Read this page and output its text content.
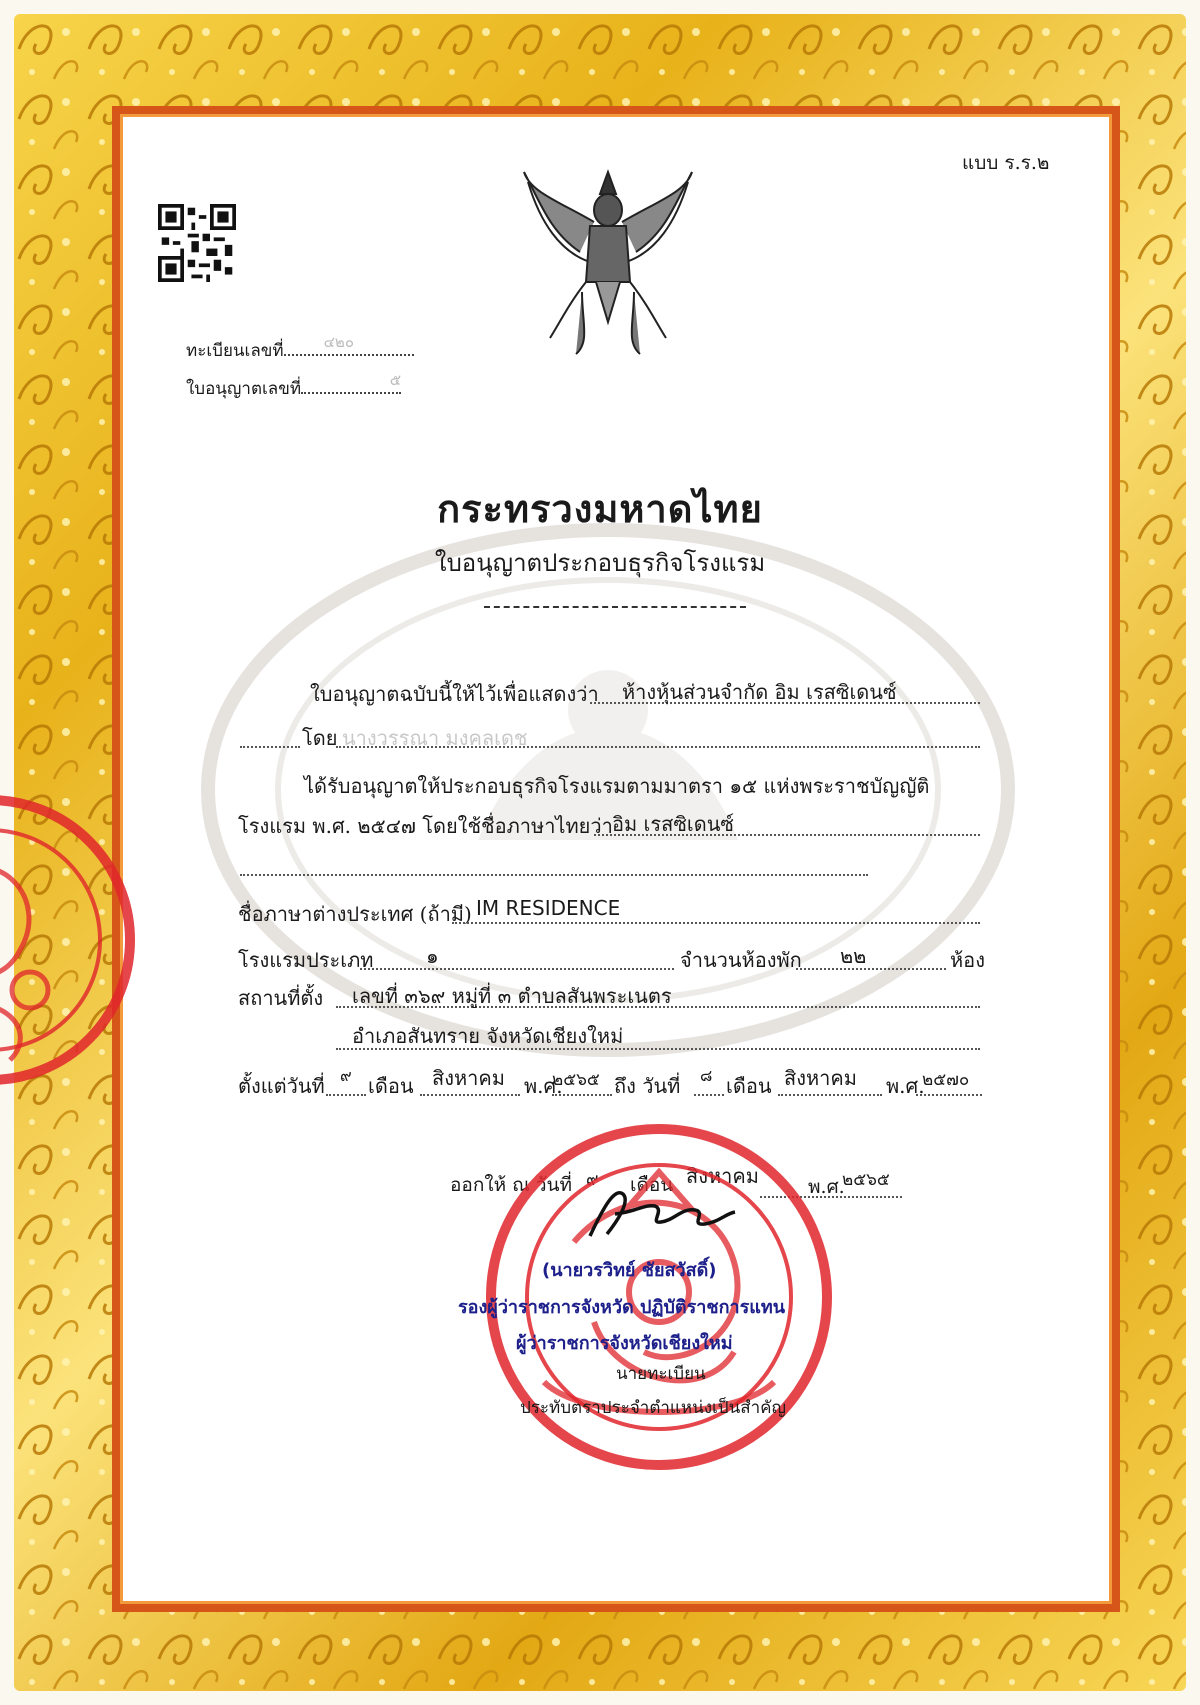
แบบ ร.ร.๒
ทะเบียนเลขที่	๔๒๐
ใบอนุญาตเลขที่	๕
กระทรวงมหาดไทย
ใบอนุญาตประกอบธุรกิจโรงแรม
ใบอนุญาตฉบับนี้ให้ไว้เพื่อแสดงว่า ห้างหุ้นส่วนจำกัด อิม เรสซิเดนซ์
โดย นางวรรณา มงคลเดช
ได้รับอนุญาตให้ประกอบธุรกิจโรงแรมตามมาตรา ๑๕ แห่งพระราชบัญญัติ
โรงแรม พ.ศ. ๒๕๔๗ โดยใช้ชื่อภาษาไทยว่า อิม เรสซิเดนซ์
ชื่อภาษาต่างประเทศ (ถ้ามี) IM RESIDENCE
โรงแรมประเภท	๑	จำนวนห้องพัก ๒๒	ห้อง
สถานที่ตั้ง เลขที่ ๓๖๙ หมู่ที่ ๓ ตำบลสันพระเนตร
อำเภอสันทราย จังหวัดเชียงใหม่
ตั้งแต่วันที่ ๙ เดือน สิงหาคม พ.ศ.
๒๕๖๕ ถึง วันที่ ๘ เดือน สิงหาคม พ.ศ.
๒๕๗๐
ออกให้ ณ วันที่ ๙ เดือน สิงหาคม	พ.ศ.
๒๕๖๕
(นายวรวิทย์ ชัยสวัสดิ์)
รองผู้ว่าราชการจังหวัด ปฏิบัติราชการแทน
ผู้ว่าราชการจังหวัดเชียงใหม่
นายทะเบียน
ประทับตราประจำตำแหน่งเป็นสำคัญ
